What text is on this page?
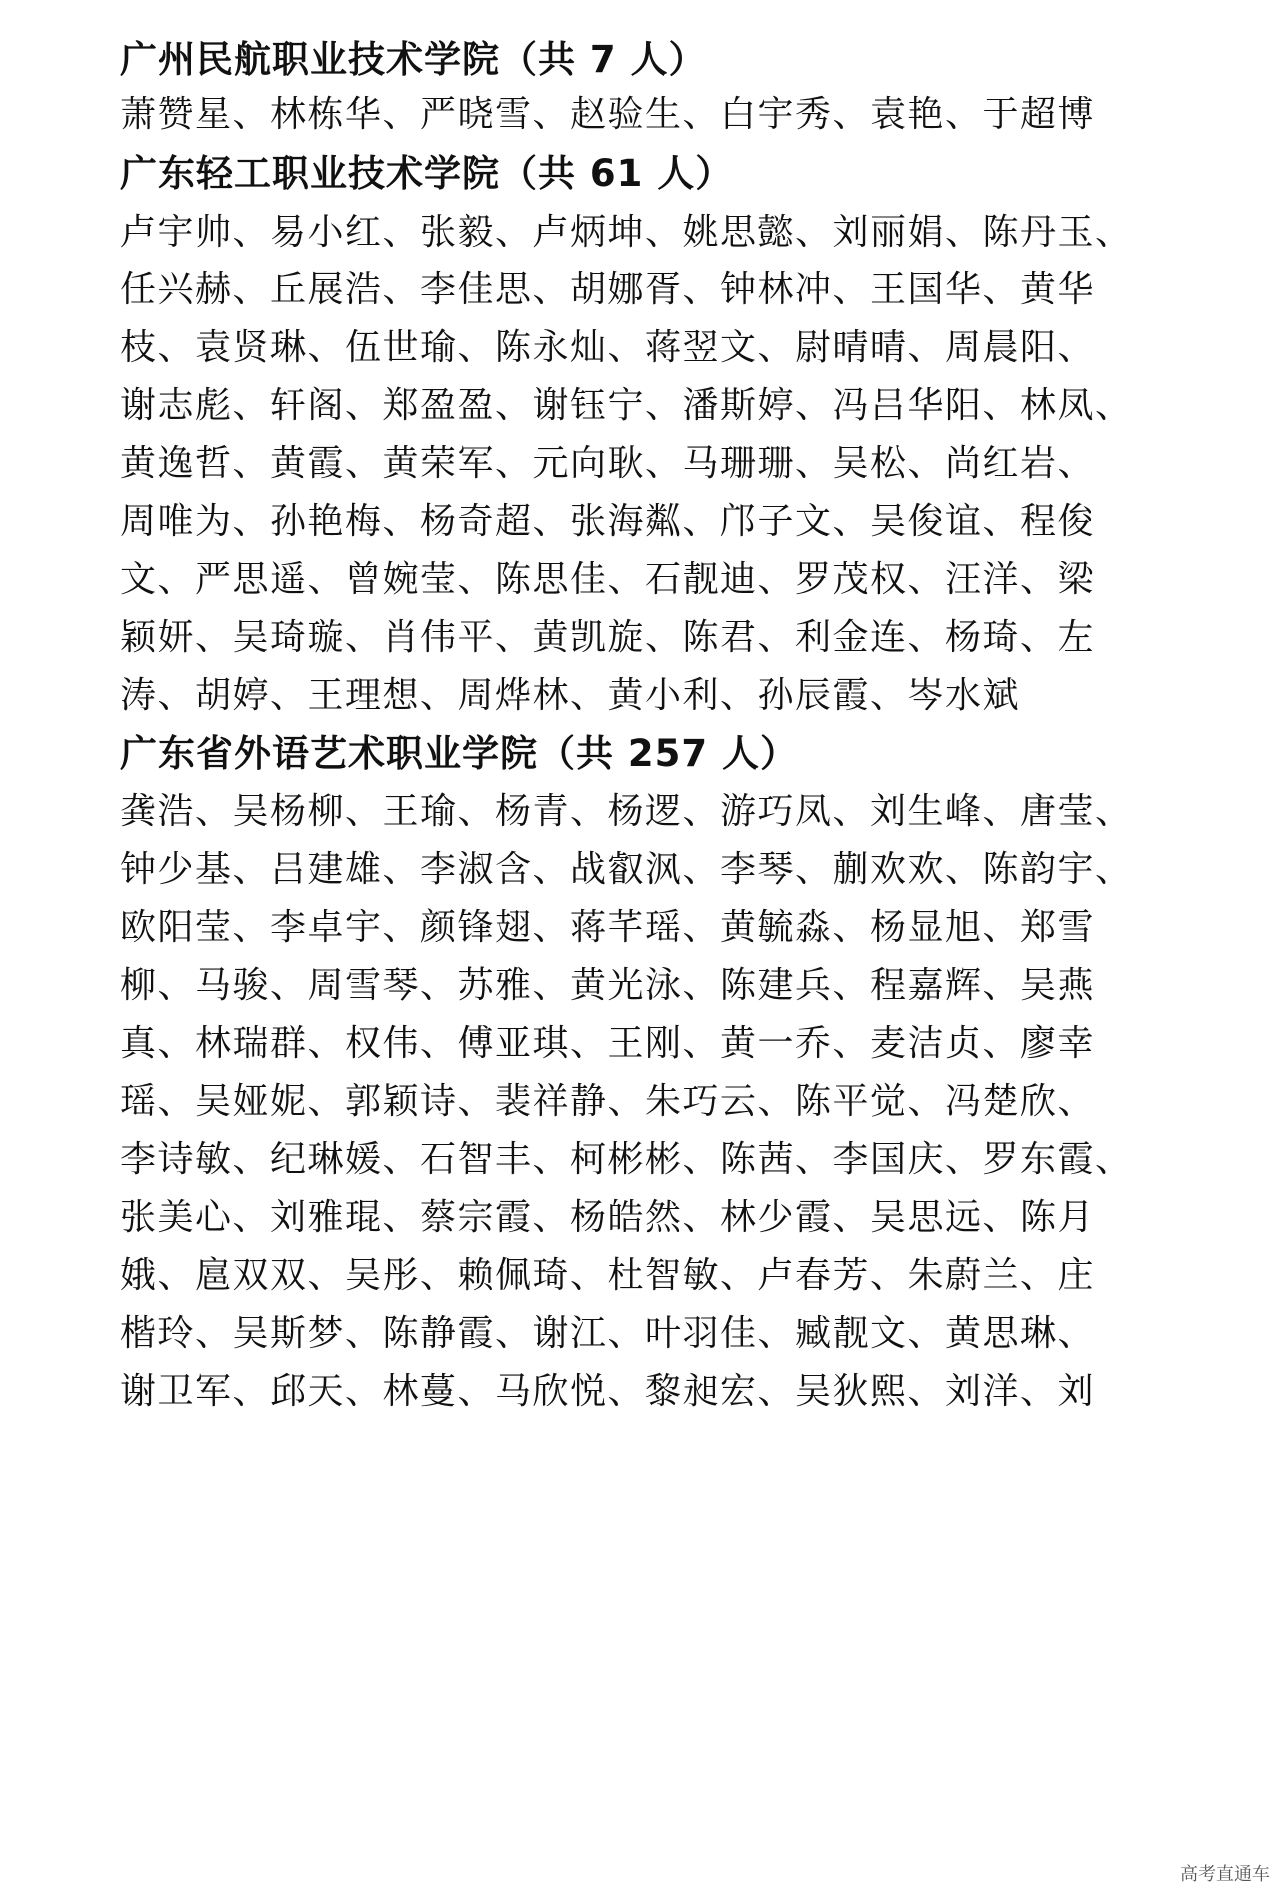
广州民航职业技术学院（共 7 人）

萧赞星、林栋华、严晓雪、赵验生、白宇秀、袁艳、于超博

广东轻工职业技术学院（共 61 人）

卢宇帅、易小红、张毅、卢炳坤、姚思懿、刘丽娟、陈丹玉、

任兴赫、丘展浩、李佳思、胡娜胥、钟林冲、王国华、黄华

枝、袁贤琳、伍世瑜、陈永灿、蒋翌文、尉晴晴、周晨阳、

谢志彪、轩阁、郑盈盈、谢钰宁、潘斯婷、冯吕华阳、林凤、

黄逸哲、黄霞、黄荣军、元向耿、马珊珊、吴松、尚红岩、

周唯为、孙艳梅、杨奇超、张海粼、邝子文、吴俊谊、程俊

文、严思遥、曾婉莹、陈思佳、石靓迪、罗茂权、汪洋、梁

颖妍、吴琦璇、肖伟平、黄凯旋、陈君、利金连、杨琦、左

涛、胡婷、王理想、周烨林、黄小利、孙辰霞、岑水斌

广东省外语艺术职业学院（共 257 人）

龚浩、吴杨柳、王瑜、杨青、杨逻、游巧凤、刘生峰、唐莹、

钟少基、吕建雄、李淑含、战叡沨、李琴、蒯欢欢、陈韵宇、

欧阳莹、李卓宇、颜锋翅、蒋芊瑶、黄毓淼、杨显旭、郑雪

柳、马骏、周雪琴、苏雅、黄光泳、陈建兵、程嘉辉、吴燕

真、林瑞群、权伟、傅亚琪、王刚、黄一乔、麦洁贞、廖幸

瑶、吴娅妮、郭颖诗、裴祥静、朱巧云、陈平觉、冯楚欣、

李诗敏、纪琳媛、石智丰、柯彬彬、陈茜、李国庆、罗东霞、

张美心、刘雅琨、蔡宗霞、杨皓然、林少霞、吴思远、陈月

娥、扈双双、吴彤、赖佩琦、杜智敏、卢春芳、朱蔚兰、庄

楷玲、吴斯梦、陈静霞、谢江、叶羽佳、臧靓文、黄思琳、

谢卫军、邱天、林蔓、马欣悦、黎昶宏、吴狄熙、刘洋、刘

高考直通车
